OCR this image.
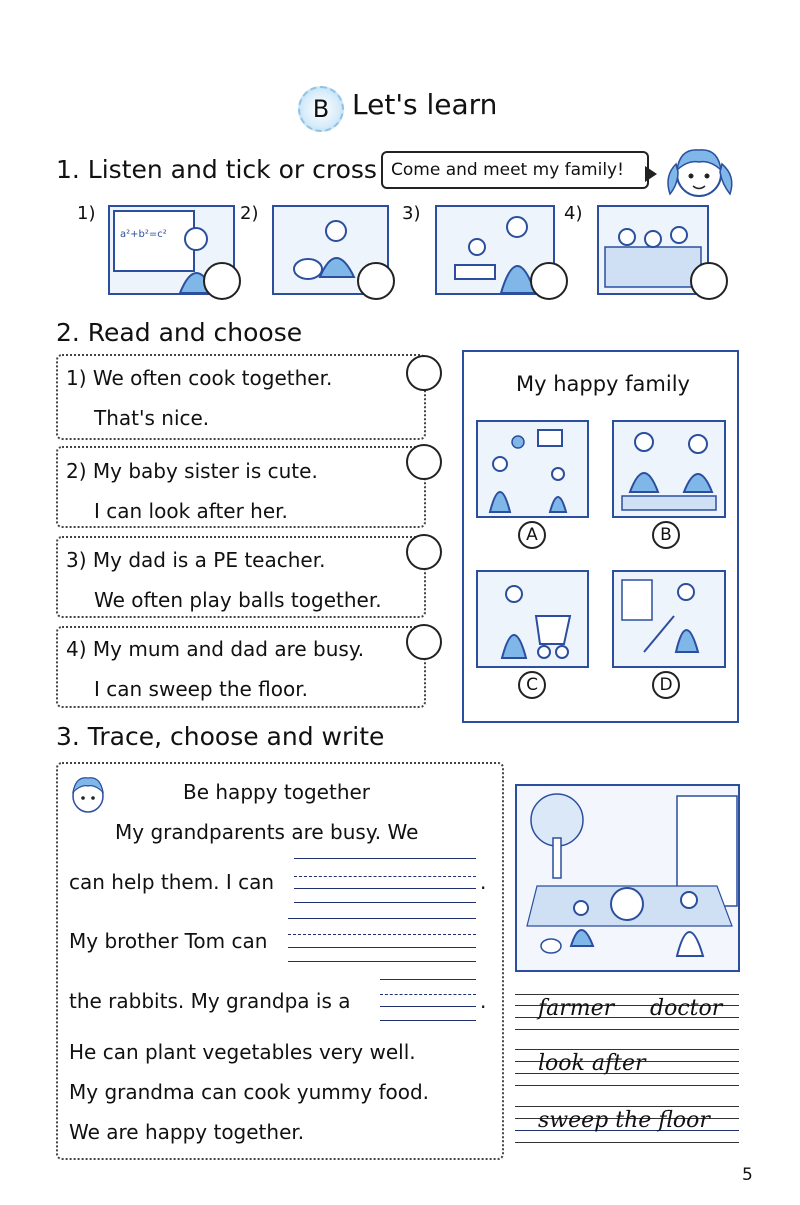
B Let's learn
1. Listen and tick or cross Come and meet my family!
1)
a²+b²=c²
2)	3)	4)
2. Read and choose
1) We often cook together.
That's nice.
2) My baby sister is cute.
I can look after her.
3) My dad is a PE teacher.
We often play balls together.
4) My mum and dad are busy.
I can sweep the floor.
My happy family
A	B
C	D
3. Trace, choose and write
Be happy together
My grandparents are busy. We
can help them. I can	.
My brother Tom can
the rabbits. My grandpa is a	.
He can plant vegetables very well.
My grandma can cook yummy food.
We are happy together.
farmer doctor
look after
sweep the floor
5
